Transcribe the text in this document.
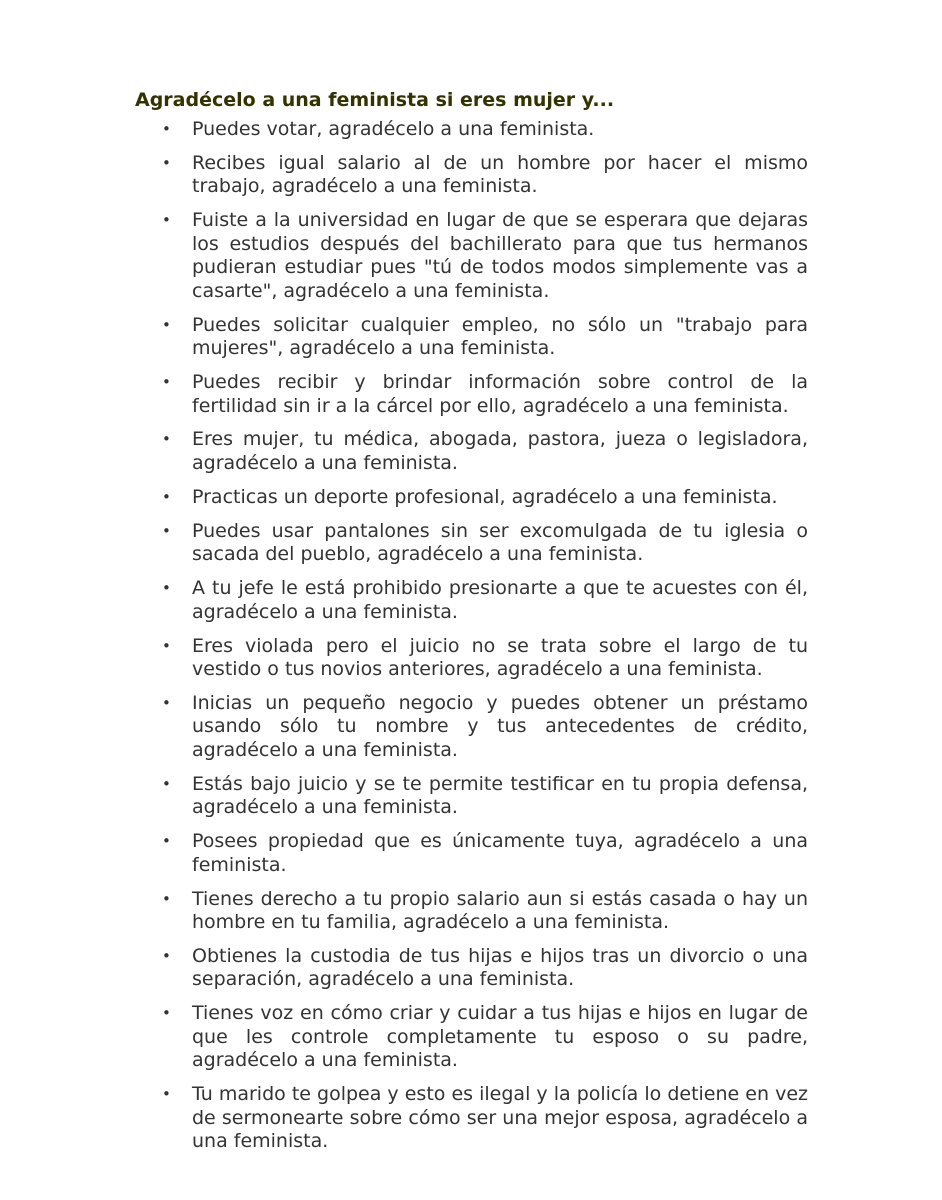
Agradécelo a una feminista si eres mujer y...
• Puedes votar, agradécelo a una feminista.
• Recibes igual salario al de un hombre por hacer el mismo trabajo, agradécelo a una feminista.
• Fuiste a la universidad en lugar de que se esperara que dejaras los estudios después del bachillerato para que tus hermanos pudieran estudiar pues "tú de todos modos simplemente vas a casarte", agradécelo a una feminista.
• Puedes solicitar cualquier empleo, no sólo un "trabajo para mujeres", agradécelo a una feminista.
• Puedes recibir y brindar información sobre control de la fertilidad sin ir a la cárcel por ello, agradécelo a una feminista.
• Eres mujer, tu médica, abogada, pastora, jueza o legisladora, agradécelo a una feminista.
• Practicas un deporte profesional, agradécelo a una feminista.
• Puedes usar pantalones sin ser excomulgada de tu iglesia o sacada del pueblo, agradécelo a una feminista.
• A tu jefe le está prohibido presionarte a que te acuestes con él, agradécelo a una feminista.
• Eres violada pero el juicio no se trata sobre el largo de tu vestido o tus novios anteriores, agradécelo a una feminista.
• Inicias un pequeño negocio y puedes obtener un préstamo usando sólo tu nombre y tus antecedentes de crédito, agradécelo a una feminista.
• Estás bajo juicio y se te permite testificar en tu propia defensa, agradécelo a una feminista.
• Posees propiedad que es únicamente tuya, agradécelo a una feminista.
• Tienes derecho a tu propio salario aun si estás casada o hay un hombre en tu familia, agradécelo a una feminista.
• Obtienes la custodia de tus hijas e hijos tras un divorcio o una separación, agradécelo a una feminista.
• Tienes voz en cómo criar y cuidar a tus hijas e hijos en lugar de que les controle completamente tu esposo o su padre, agradécelo a una feminista.
• Tu marido te golpea y esto es ilegal y la policía lo detiene en vez de sermonearte sobre cómo ser una mejor esposa, agradécelo a una feminista.
